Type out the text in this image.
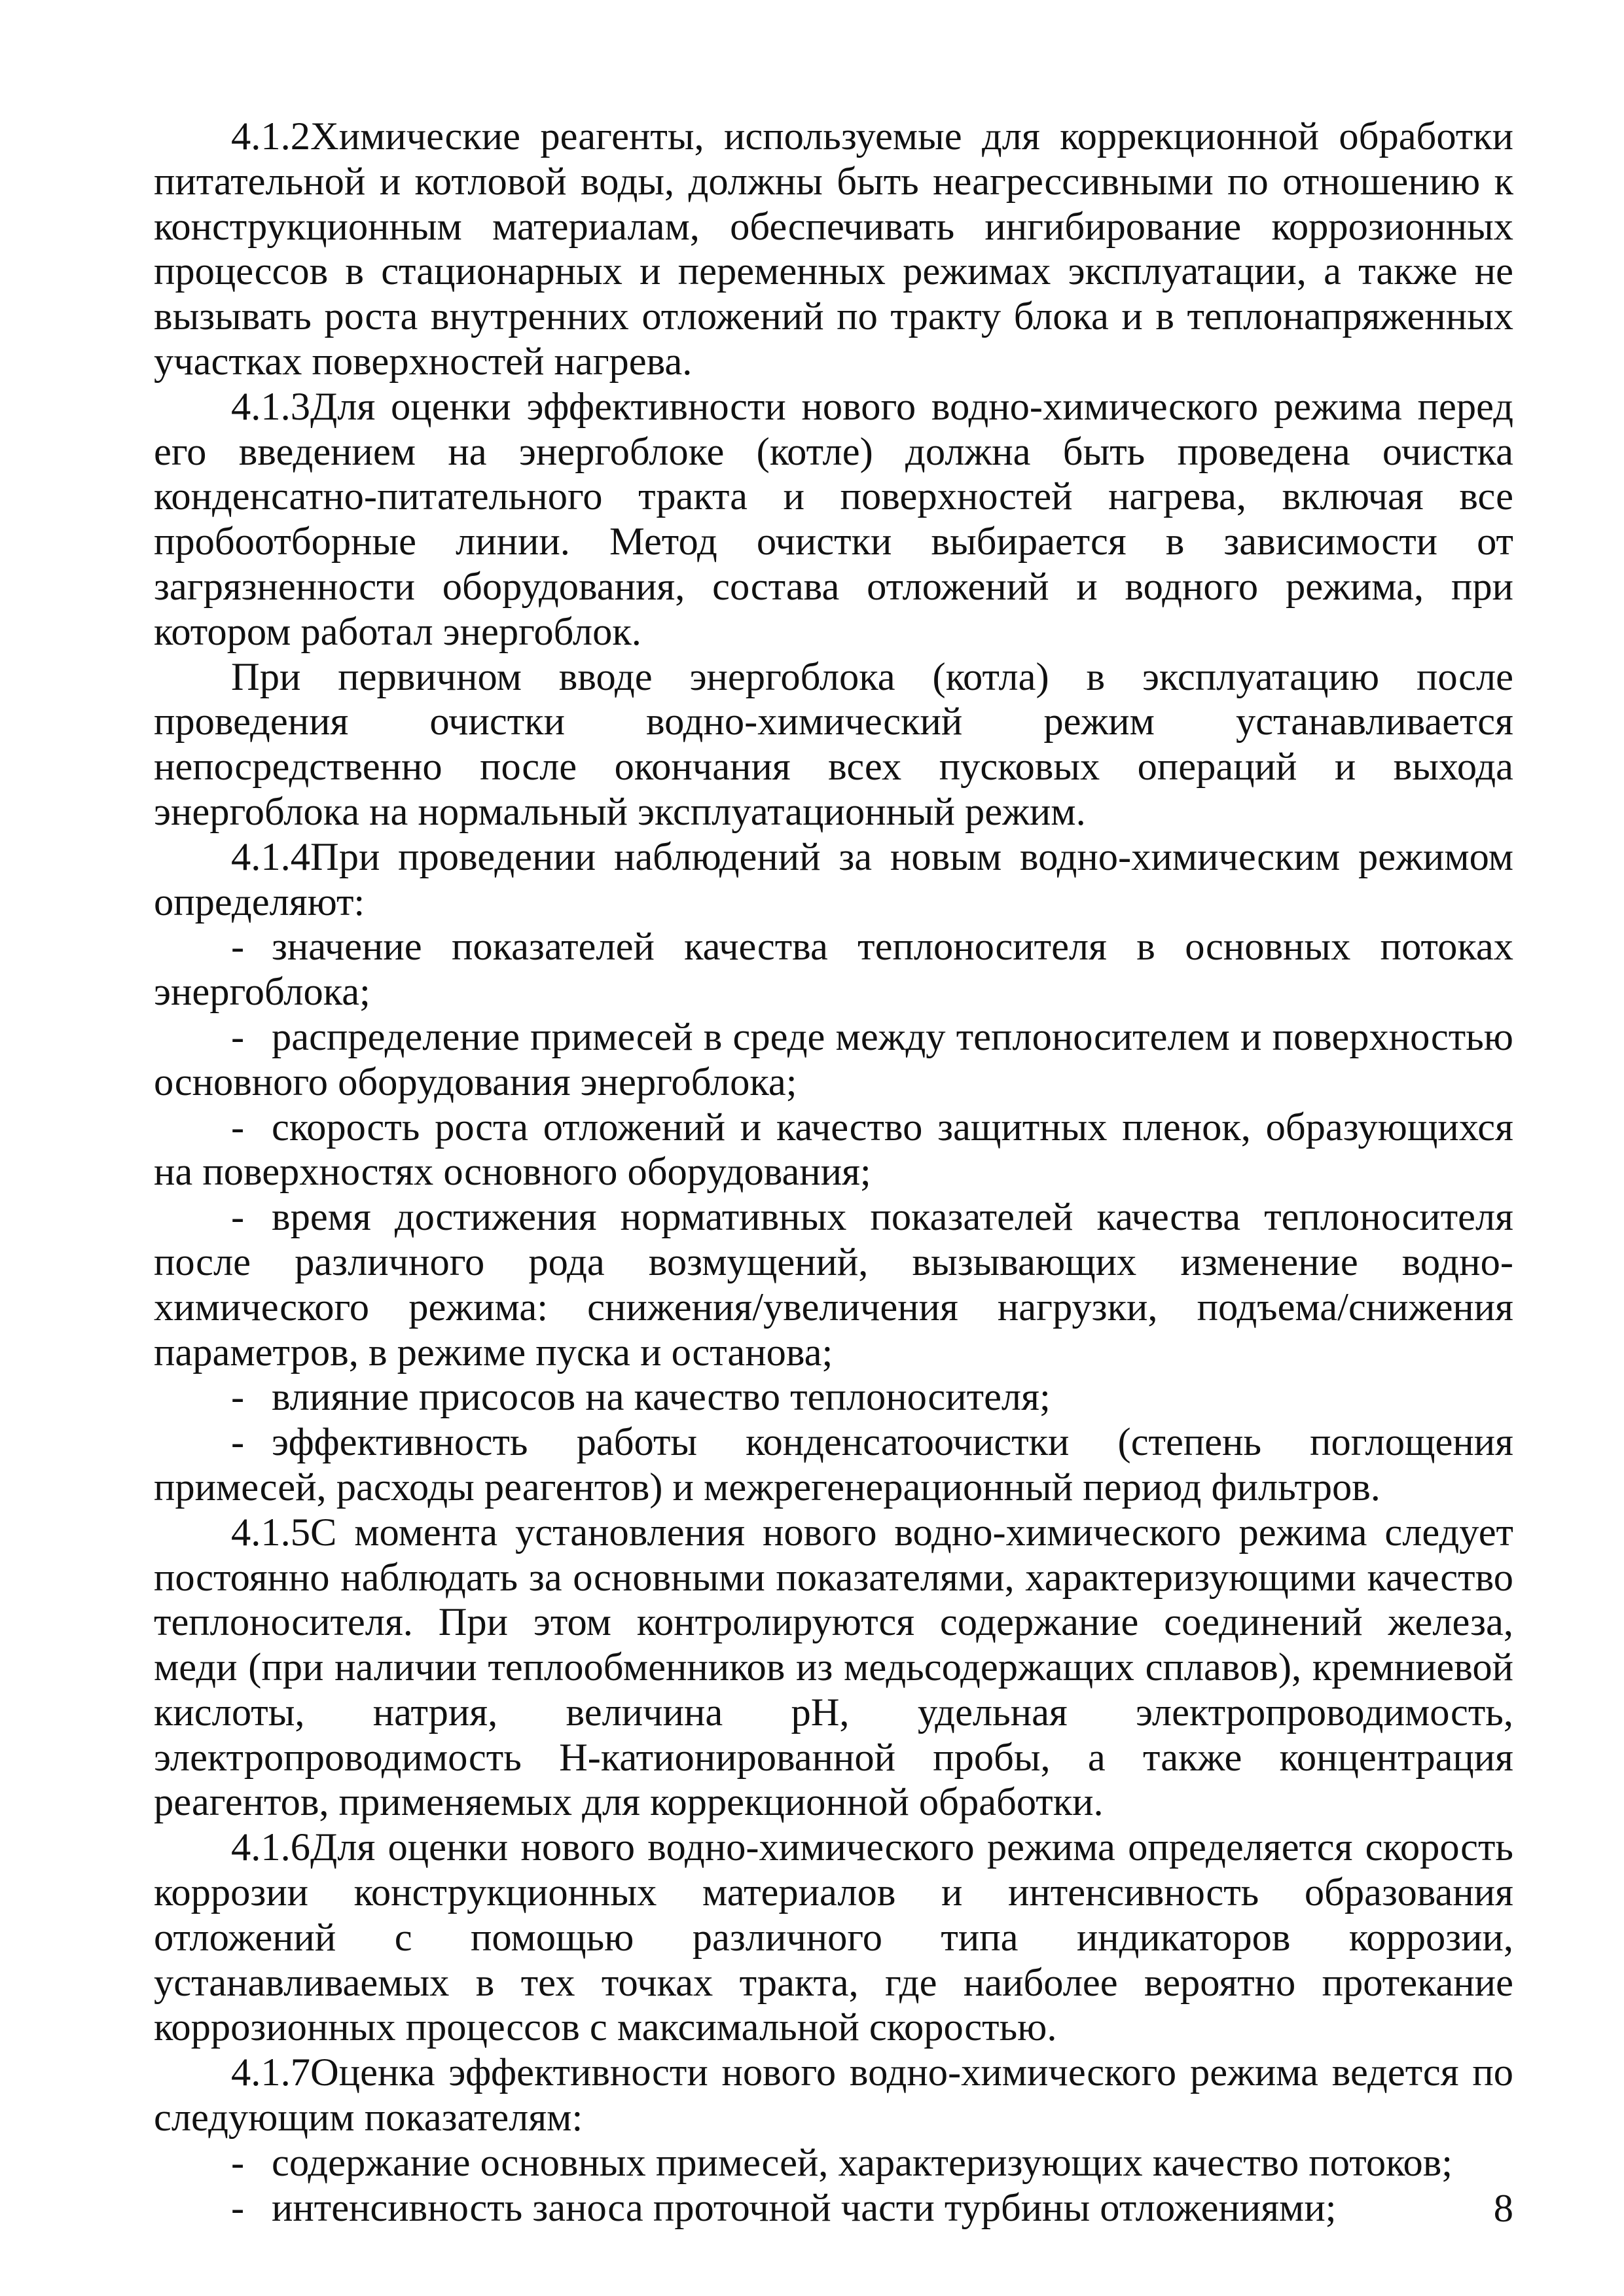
4.1.2Химические реагенты, используемые для коррекционной обработки питательной и котловой воды, должны быть неагрессивными по отношению к конструкционным материалам, обеспечивать ингибирование коррозионных процессов в стационарных и переменных режимах эксплуатации, а также не вызывать роста внутренних отложений по тракту блока и в теплонапряженных участках поверхностей нагрева.

4.1.3Для оценки эффективности нового водно-химического режима перед его введением на энергоблоке (котле) должна быть проведена очистка конденсатно-питательного тракта и поверхностей нагрева, включая все пробоотборные линии. Метод очистки выбирается в зависимости от загрязненности оборудования, состава отложений и водного режима, при котором работал энергоблок.

При первичном вводе энергоблока (котла) в эксплуатацию после проведения очистки водно-химический режим устанавливается непосредственно после окончания всех пусковых операций и выхода энергоблока на нормальный эксплуатационный режим.

4.1.4При проведении наблюдений за новым водно-химическим режимом определяют:

- значение показателей качества теплоносителя в основных потоках энергоблока;

- распределение примесей в среде между теплоносителем и поверхностью основного оборудования энергоблока;

- скорость роста отложений и качество защитных пленок, образующихся на поверхностях основного оборудования;

- время достижения нормативных показателей качества теплоносителя после различного рода возмущений, вызывающих изменение водно-химического режима: снижения/увеличения нагрузки, подъема/снижения параметров, в режиме пуска и останова;

- влияние присосов на качество теплоносителя;

- эффективность работы конденсатоочистки (степень поглощения примесей, расходы реагентов) и межрегенерационный период фильтров.

4.1.5С момента установления нового водно-химического режима следует постоянно наблюдать за основными показателями, характеризующими качество теплоносителя. При этом контролируются содержание соединений железа, меди (при наличии теплообменников из медьсодержащих сплавов), кремниевой кислоты, натрия, величина pH, удельная электропроводимость, электропроводимость Н-катионированной пробы, а также концентрация реагентов, применяемых для коррекционной обработки.

4.1.6Для оценки нового водно-химического режима определяется скорость коррозии конструкционных материалов и интенсивность образования отложений с помощью различного типа индикаторов коррозии, устанавливаемых в тех точках тракта, где наиболее вероятно протекание коррозионных процессов с максимальной скоростью.

4.1.7Оценка эффективности нового водно-химического режима ведется по следующим показателям:

- содержание основных примесей, характеризующих качество потоков;

- интенсивность заноса проточной части турбины отложениями;	8
